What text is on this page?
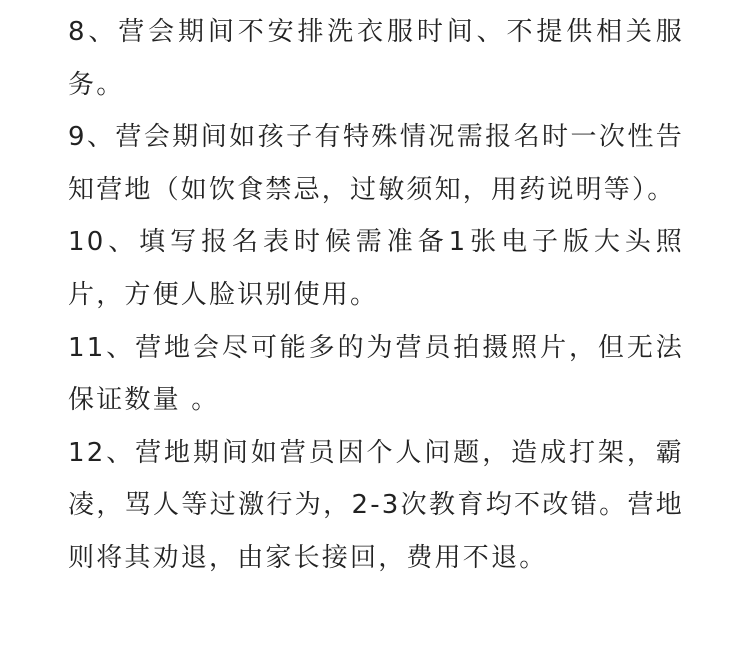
8、营会期间不安排洗衣服时间、不提供相关服务。

9、营会期间如孩子有特殊情况需报名时一次性告知营地（如饮食禁忌，过敏须知，用药说明等）。

10、填写报名表时候需准备1张电子版大头照片，方便人脸识别使用。

11、营地会尽可能多的为营员拍摄照片，但无法保证数量 。

12、营地期间如营员因个人问题，造成打架，霸凌，骂人等过激行为，2-3次教育均不改错。营地则将其劝退，由家长接回，费用不退。
